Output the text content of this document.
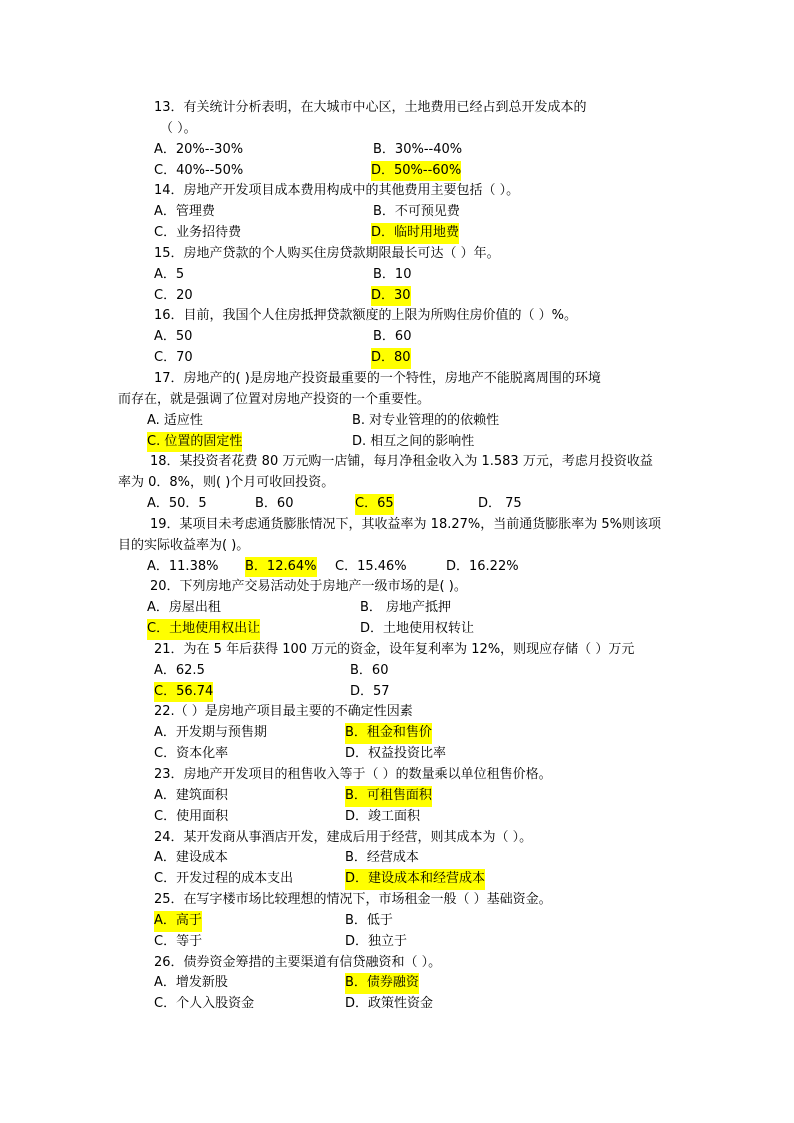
13．有关统计分析表明，在大城市中心区，土地费用已经占到总开发成本的
（ ）。
A．20%--30%	B．30%--40%
C．40%--50%	D．50%--60%
14．房地产开发项目成本费用构成中的其他费用主要包括（ ）。
A．管理费	B．不可预见费
C．业务招待费	D．临时用地费
15．房地产贷款的个人购买住房贷款期限最长可达（ ）年。
A．5	B．10
C．20	D．30
16．目前，我国个人住房抵押贷款额度的上限为所购住房价值的（ ）%。
A．50	B．60
C．70	D．80
17．房地产的( )是房地产投资最重要的一个特性，房地产不能脱离周围的环境
而存在，就是强调了位置对房地产投资的一个重要性。
A. 适应性	B. 对专业管理的的依赖性
C. 位置的固定性	D. 相互之间的影响性
18．某投资者花费 80 万元购一店铺，每月净租金收入为 1.583 万元，考虑月投资收益
率为 0．8%，则( )个月可收回投资。
A．50．5	B．60	C．65	D． 75
19．某项目未考虑通货膨胀情况下，其收益率为 18.27%，当前通货膨胀率为 5%则该项
目的实际收益率为( )。
A．11.38% B．12.64% C．15.46%	D．16.22%
20．下列房地产交易活动处于房地产一级市场的是( )。
A．房屋出租	B． 房地产抵押
C．土地使用权出让	D．土地使用权转让
21．为在 5 年后获得 100 万元的资金，设年复利率为 12%，则现应存储（ ）万元
A．62.5	B．60
C．56.74	D．57
22.（ ）是房地产项目最主要的不确定性因素
A．开发期与预售期	B．租金和售价
C．资本化率	D．权益投资比率
23．房地产开发项目的租售收入等于（ ）的数量乘以单位租售价格。
A．建筑面积	B．可租售面积
C．使用面积	D．竣工面积
24．某开发商从事酒店开发，建成后用于经营，则其成本为（ ）。
A．建设成本	B．经营成本
C．开发过程的成本支出	D．建设成本和经营成本
25．在写字楼市场比较理想的情况下，市场租金一般（ ）基础资金。
A．高于	B．低于
C．等于	D．独立于
26．债券资金筹措的主要渠道有信贷融资和（ ）。
A．增发新股	B．债券融资
C．个人入股资金	D．政策性资金
